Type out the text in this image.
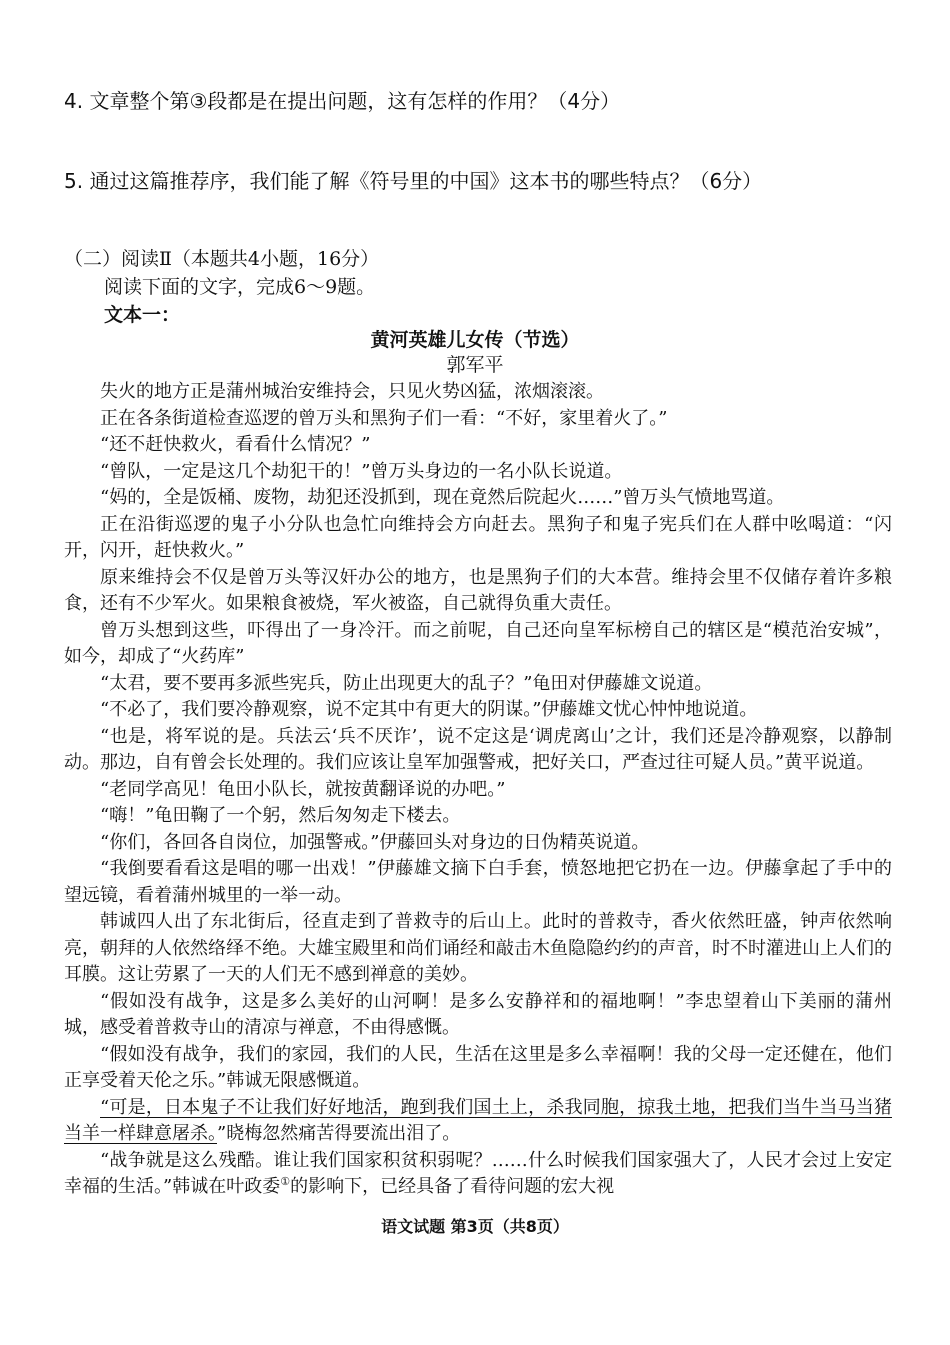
4. 文章整个第③段都是在提出问题，这有怎样的作用？（4分）

5. 通过这篇推荐序，我们能了解《符号里的中国》这本书的哪些特点？（6分）

（二）阅读Ⅱ（本题共4小题，16分）

阅读下面的文字，完成6～9题。

文本一：

黄河英雄儿女传（节选）

郭军平

失火的地方正是蒲州城治安维持会，只见火势凶猛，浓烟滚滚。

正在各条街道检查巡逻的曾万头和黑狗子们一看：“不好，家里着火了。”

“还不赶快救火，看看什么情况？”

“曾队，一定是这几个劫犯干的！”曾万头身边的一名小队长说道。

“妈的，全是饭桶、废物，劫犯还没抓到，现在竟然后院起火……”曾万头气愤地骂道。

正在沿街巡逻的鬼子小分队也急忙向维持会方向赶去。黑狗子和鬼子宪兵们在人群中吆喝道：“闪开，闪开，赶快救火。”

原来维持会不仅是曾万头等汉奸办公的地方，也是黑狗子们的大本营。维持会里不仅储存着许多粮食，还有不少军火。如果粮食被烧，军火被盗，自己就得负重大责任。

曾万头想到这些，吓得出了一身冷汗。而之前呢，自己还向皇军标榜自己的辖区是“模范治安城”，如今，却成了“火药库”

“太君，要不要再多派些宪兵，防止出现更大的乱子？”龟田对伊藤雄文说道。

“不必了，我们要冷静观察，说不定其中有更大的阴谋。”伊藤雄文忧心忡忡地说道。

“也是，将军说的是。兵法云‘兵不厌诈’，说不定这是‘调虎离山’之计，我们还是冷静观察，以静制动。那边，自有曾会长处理的。我们应该让皇军加强警戒，把好关口，严查过往可疑人员。”黄平说道。

“老同学高见！龟田小队长，就按黄翻译说的办吧。”

“嗨！”龟田鞠了一个躬，然后匆匆走下楼去。

“你们，各回各自岗位，加强警戒。”伊藤回头对身边的日伪精英说道。

“我倒要看看这是唱的哪一出戏！”伊藤雄文摘下白手套，愤怒地把它扔在一边。伊藤拿起了手中的望远镜，看着蒲州城里的一举一动。

韩诚四人出了东北街后，径直走到了普救寺的后山上。此时的普救寺，香火依然旺盛，钟声依然响亮，朝拜的人依然络绎不绝。大雄宝殿里和尚们诵经和敲击木鱼隐隐约约的声音，时不时灌进山上人们的耳膜。这让劳累了一天的人们无不感到禅意的美妙。

“假如没有战争，这是多么美好的山河啊！是多么安静祥和的福地啊！”李忠望着山下美丽的蒲州城，感受着普救寺山的清凉与禅意，不由得感慨。

“假如没有战争，我们的家园，我们的人民，生活在这里是多么幸福啊！我的父母一定还健在，他们正享受着天伦之乐。”韩诚无限感慨道。

“可是，日本鬼子不让我们好好地活，跑到我们国土上，杀我同胞，掠我土地，把我们当牛当马当猪当羊一样肆意屠杀。”晓梅忽然痛苦得要流出泪了。

“战争就是这么残酷。谁让我们国家积贫积弱呢？……什么时候我们国家强大了，人民才会过上安定幸福的生活。”韩诚在叶政委①的影响下，已经具备了看待问题的宏大视

语文试题 第3页（共8页）
